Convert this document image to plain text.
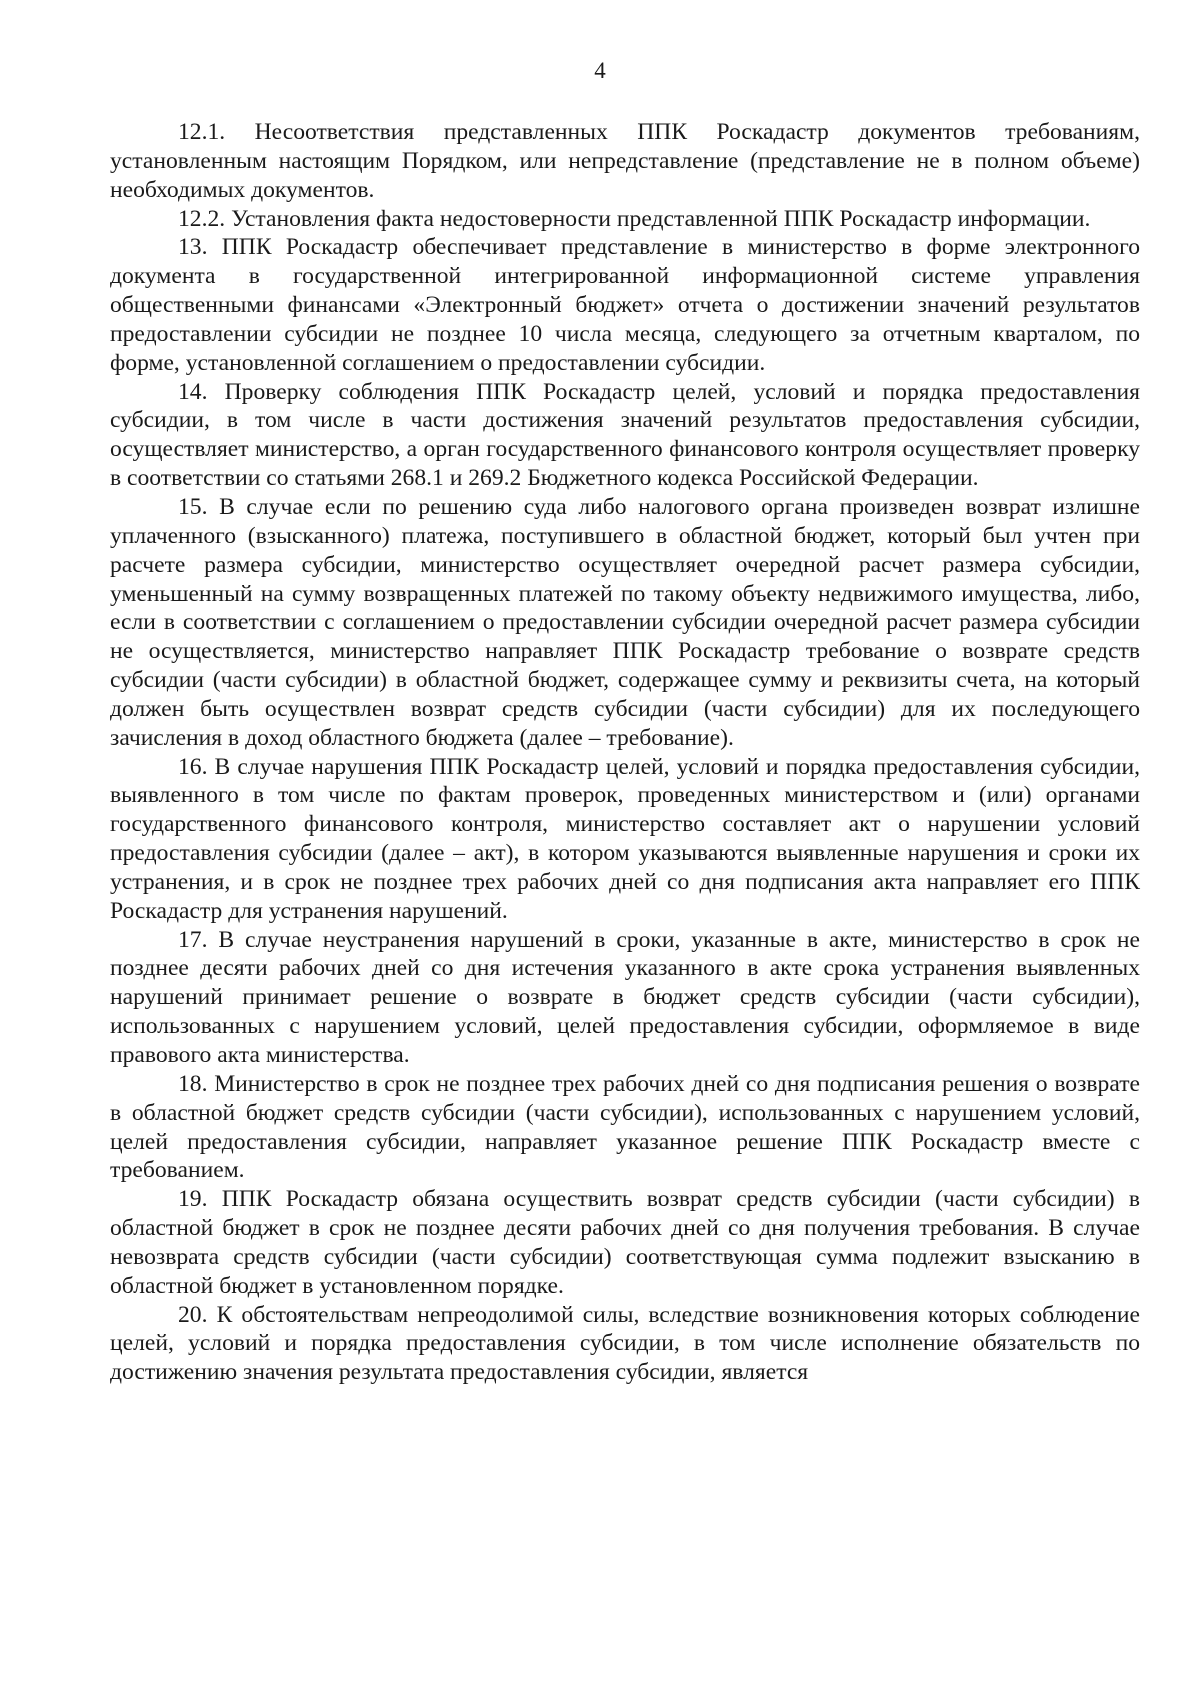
4

12.1. Несоответствия представленных ППК Роскадастр документов требованиям, установленным настоящим Порядком, или непредставление (представление не в полном объеме) необходимых документов.

12.2. Установления факта недостоверности представленной ППК Роскадастр информации.

13. ППК Роскадастр обеспечивает представление в министерство в форме электронного документа в государственной интегрированной информационной системе управления общественными финансами «Электронный бюджет» отчета о достижении значений результатов предоставлении субсидии не позднее 10 числа месяца, следующего за отчетным кварталом, по форме, установленной соглашением о предоставлении субсидии.

14. Проверку соблюдения ППК Роскадастр целей, условий и порядка предоставления субсидии, в том числе в части достижения значений результатов предоставления субсидии, осуществляет министерство, а орган государственного финансового контроля осуществляет проверку в соответствии со статьями 268.1 и 269.2 Бюджетного кодекса Российской Федерации.

15. В случае если по решению суда либо налогового органа произведен возврат излишне уплаченного (взысканного) платежа, поступившего в областной бюджет, который был учтен при расчете размера субсидии, министерство осуществляет очередной расчет размера субсидии, уменьшенный на сумму возвращенных платежей по такому объекту недвижимого имущества, либо, если в соответствии с соглашением о предоставлении субсидии очередной расчет размера субсидии не осуществляется, министерство направляет ППК Роскадастр требование о возврате средств субсидии (части субсидии) в областной бюджет, содержащее сумму и реквизиты счета, на который должен быть осуществлен возврат средств субсидии (части субсидии) для их последующего зачисления в доход областного бюджета (далее – требование).

16. В случае нарушения ППК Роскадастр целей, условий и порядка предоставления субсидии, выявленного в том числе по фактам проверок, проведенных министерством и (или) органами государственного финансового контроля, министерство составляет акт о нарушении условий предоставления субсидии (далее – акт), в котором указываются выявленные нарушения и сроки их устранения, и в срок не позднее трех рабочих дней со дня подписания акта направляет его ППК Роскадастр для устранения нарушений.

17. В случае неустранения нарушений в сроки, указанные в акте, министерство в срок не позднее десяти рабочих дней со дня истечения указанного в акте срока устранения выявленных нарушений принимает решение о возврате в бюджет средств субсидии (части субсидии), использованных с нарушением условий, целей предоставления субсидии, оформляемое в виде правового акта министерства.

18. Министерство в срок не позднее трех рабочих дней со дня подписания решения о возврате в областной бюджет средств субсидии (части субсидии), использованных с нарушением условий, целей предоставления субсидии, направляет указанное решение ППК Роскадастр вместе с требованием.

19. ППК Роскадастр обязана осуществить возврат средств субсидии (части субсидии) в областной бюджет в срок не позднее десяти рабочих дней со дня получения требования. В случае невозврата средств субсидии (части субсидии) соответствующая сумма подлежит взысканию в областной бюджет в установленном порядке.

20. К обстоятельствам непреодолимой силы, вследствие возникновения которых соблюдение целей, условий и порядка предоставления субсидии, в том числе исполнение обязательств по достижению значения результата предоставления субсидии, является
